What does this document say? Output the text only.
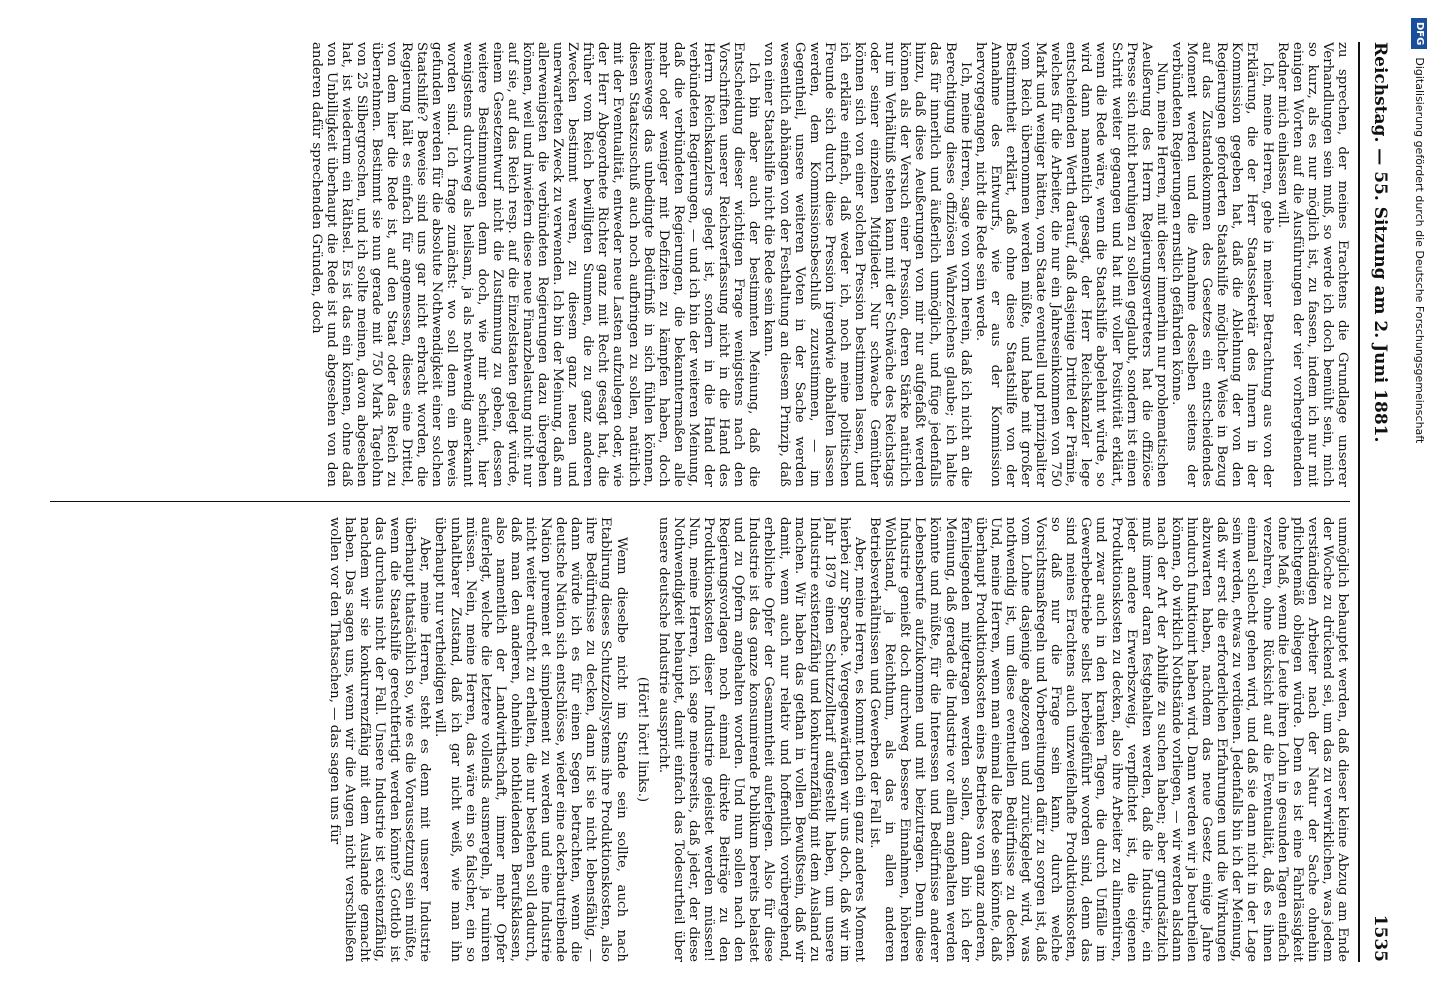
Reichstag. — 55. Sitzung am 2. Juni 1881.
1535

zu sprechen, der meines Erachtens die Grundlage unserer Verhandlungen sein muß, so werde ich doch bemüht sein, mich so kurz, als es nur möglich ist, zu fassen, indem ich nur mit einigen Worten auf die Ausführungen der vier vorhergehenden Redner mich einlassen will.

Ich, meine Herren, gehe in meiner Betrachtung aus von der Erklärung, die der Herr Staatssekretär des Innern in der Kommission gegeben hat, daß die Ablehnung der von den Regierungen geforderten Staatshilfe möglicher Weise in Bezug auf das Zustandekommen des Gesetzes ein entscheidendes Moment werden und die Annahme desselben seitens der verbündeten Regierungen ernstlich gefährden könne.

Nun, meine Herren, mit dieser immerhin nur problematischen Aeußerung des Herrn Regierungsvertreters hat die offiziöse Presse sich nicht beruhigen zu sollen geglaubt, sondern ist einen Schritt weiter gegangen und hat mit voller Positivität erklärt, wenn die Rede wäre, wenn die Staatshilfe abgelehnt würde, so wird dann namentlich gesagt, der Herr Reichskanzler lege entscheidenden Werth darauf, daß dasjenige Drittel der Prämie, welches für die Arbeiter, die nur ein Jahreseinkommen von 750 Mark und weniger hätten, vom Staate eventuell und prinzipaliter vom Reich übernommen werden müßte, und habe mit großer Bestimmtheit erklärt, daß ohne diese Staatshilfe von der Annahme des Entwurfs, wie er aus der Kommission hervorgegangen, nicht die Rede sein werde.

Ich, meine Herren, sage von vorn herein, daß ich nicht an die Berechtigung dieses offiziösen Wahrzeichens glaube; ich halte das für innerlich und äußerlich unmöglich, und füge jedenfalls hinzu, daß diese Aeußerungen von mir nur aufgefaßt werden können als der Versuch einer Pression, deren Stärke natürlich nur im Verhältniß stehen kann mit der Schwäche des Reichstags oder seiner einzelnen Mitglieder. Nur schwache Gemüther können sich von einer solchen Pression bestimmen lassen, und ich erkläre einfach, daß weder ich, noch meine politischen Freunde sich durch diese Pression irgendwie abhalten lassen werden, dem Kommissionsbeschluß zuzustimmen, — im Gegentheil, unsere weiteren Voten in der Sache werden wesentlich abhängen von der Festhaltung an diesem Prinzip, daß von einer Staatshilfe nicht die Rede sein kann.

Ich bin aber auch der bestimmten Meinung, daß die Entscheidung dieser wichtigen Frage wenigstens nach den Vorschriften unserer Reichsverfassung nicht in die Hand des Herrn Reichskanzlers gelegt ist, sondern in die Hand der verbündeten Regierungen, — und ich bin der weiteren Meinung, daß die verbündeten Regierungen, die bekanntermaßen alle mehr oder weniger mit Defiziten zu kämpfen haben, doch keineswegs das unbedingte Bedürfniß in sich fühlen können, diesen Staatszuschuß auch noch aufbringen zu sollen, natürlich mit der Eventualität, entweder neue Lasten aufzulegen oder, wie der Herr Abgeordnete Richter ganz mit Recht gesagt hat, die früher vom Reich bewilligten Summen, die zu ganz anderen Zwecken bestimmt waren, zu diesem ganz neuen und unerwarteten Zweck zu verwenden. Ich bin der Meinung, daß am allerwenigsten die verbündeten Regierungen dazu übergehen können, weil und inwiefern diese neue Finanzbelastung nicht nur auf sie, auf das Reich resp. auf die Einzelstaaten gelegt würde, einem Gesetzentwurf nicht die Zustimmung zu geben, dessen weitere Bestimmungen denn doch, wie mir scheint, hier wenigstens durchweg als heilsam, ja als nothwendig anerkannt worden sind. Ich frage zunächst: wo soll denn ein Beweis gefunden werden für die absolute Nothwendigkeit einer solchen Staatshilfe? Beweise sind uns gar nicht erbracht worden, die Regierung hält es einfach für angemessen, dieses eine Drittel, von dem hier die Rede ist, auf den Staat oder das Reich zu übernehmen. Bestimmt sie nun gerade mit 750 Mark Tagelohn von 25 Silbergroschen, und ich sollte meinen, davon abgesehen hat, ist wiederum ein Räthsel. Es ist das ein können, ohne daß von Unbilligkeit überhaupt die Rede ist und abgesehen von den anderen dafür sprechenden Gründen, doch

unmöglich behauptet werden, daß dieser kleine Abzug am Ende der Woche zu drückend sei, um das zu verwirklichen, was jedem verständigen Arbeiter nach der Natur der Sache ohnehin pflichtgemäß obliegen würde. Denn es ist eine Fahrlässigkeit ohne Maß, wenn die Leute ihren Lohn in gesunden Tagen einfach verzehren, ohne Rücksicht auf die Eventualität, daß es ihnen einmal schlecht gehen wird, und daß sie dann nicht in der Lage sein werden, etwas zu verdienen. Jedenfalls bin ich der Meinung, daß wir erst die erforderlichen Erfahrungen und die Wirkungen abzuwarten haben, nachdem das neue Gesetz einige Jahre hindurch funktionirt haben wird. Dann werden wir ja beurtheilen können, ob wirklich Nothstände vorliegen, — wir werden alsdann nach der Art der Abhilfe zu suchen haben; aber grundsätzlich muß immer daran festgehalten werden, daß die Industrie, ein jeder andere Erwerbszweig, verpflichtet ist, die eigenen Produktionskosten zu decken, also ihre Arbeiter zu alimentiren, und zwar auch in den kranken Tagen, die durch Unfälle im Gewerbebetriebe selbst herbeigeführt worden sind, denn das sind meines Erachtens auch unzweifelhafte Produktionskosten, so daß nur die Frage sein kann, durch welche Vorsichtsmaßregeln und Vorbereitungen dafür zu sorgen ist, daß vom Lohne dasjenige abgezogen und zurückgelegt wird, was nothwendig ist, um diese eventuellen Bedürfnisse zu decken. Und, meine Herren, wenn man einmal die Rede sein könnte, daß überhaupt Produktionskosten eines Betriebes von ganz anderen, fernliegenden mitgetragen werden sollen, dann bin ich der Meinung, daß gerade die Industrie vor allem angehalten werden könnte und müßte, für die Interessen und Bedürfnisse anderer Lebensberufe aufzukommen und mit beizutragen. Denn diese Industrie genießt doch durchweg bessere Einnahmen, höheren Wohlstand, ja Reichthum, als das in allen anderen Betriebsverhältnissen und Gewerben der Fall ist.

Aber, meine Herren, es kommt noch ein ganz anderes Moment hierbei zur Sprache. Vergegenwärtigen wir uns doch, daß wir im Jahr 1879 einen Schutzzolltarif aufgestellt haben, um unsere Industrie existenzfähig und konkurrenzfähig mit dem Ausland zu machen. Wir haben das gethan in vollen Bewußtsein, daß wir damit, wenn auch nur relativ und hoffentlich vorübergehend, erhebliche Opfer der Gesammtheit auferlegen. Also für diese Industrie ist das ganze konsumirende Publikum bereits belastet und zu Opfern angehalten worden. Und nun sollen nach den Regierungsvorlagen noch einmal direkte Beiträge zu den Produktionskosten dieser Industrie geleistet werden müssen! Nun, meine Herren, ich sage meinerseits, daß jeder, der diese Nothwendigkeit behauptet, damit einfach das Todesurtheil über unsere deutsche Industrie ausspricht.

(Hört! hört! links.)

Wenn dieselbe nicht im Stande sein sollte, auch nach Etablirung dieses Schutzzollsystems ihre Produktionskosten, also ihre Bedürfnisse zu decken, dann ist sie nicht lebensfähig, — dann würde ich es für einen Segen betrachten, wenn die deutsche Nation sich entschlösse, wieder eine ackerbautreibende Nation purement et simplement zu werden und eine Industrie nicht weiter aufrecht zu erhalten, die nur bestehen soll dadurch, daß man den anderen, ohnehin nothleidenden Berufsklassen, also namentlich der Landwirthschaft, immer mehr Opfer auferlegt, welche die letztere vollends ausmergeln, ja ruiniren müssen. Nein, meine Herren, das wäre ein so falscher, ein so unhaltbarer Zustand, daß ich gar nicht weiß, wie man ihn überhaupt nur vertheidigen will.

Aber, meine Herren, steht es denn mit unserer Industrie überhaupt thatsächlich so, wie es die Voraussetzung sein müßte, wenn die Staatshilfe gerechtfertigt werden könnte? Gottlob ist das durchaus nicht der Fall. Unsere Industrie ist existenzfähig, nachdem wir sie konkurrenzfähig mit dem Auslande gemacht haben. Das sagen uns, wenn wir die Augen nicht verschließen wollen vor den Thatsachen, — das sagen uns für

DFGDigitalisierung gefördert durch die Deutsche Forschungsgemeinschaft
